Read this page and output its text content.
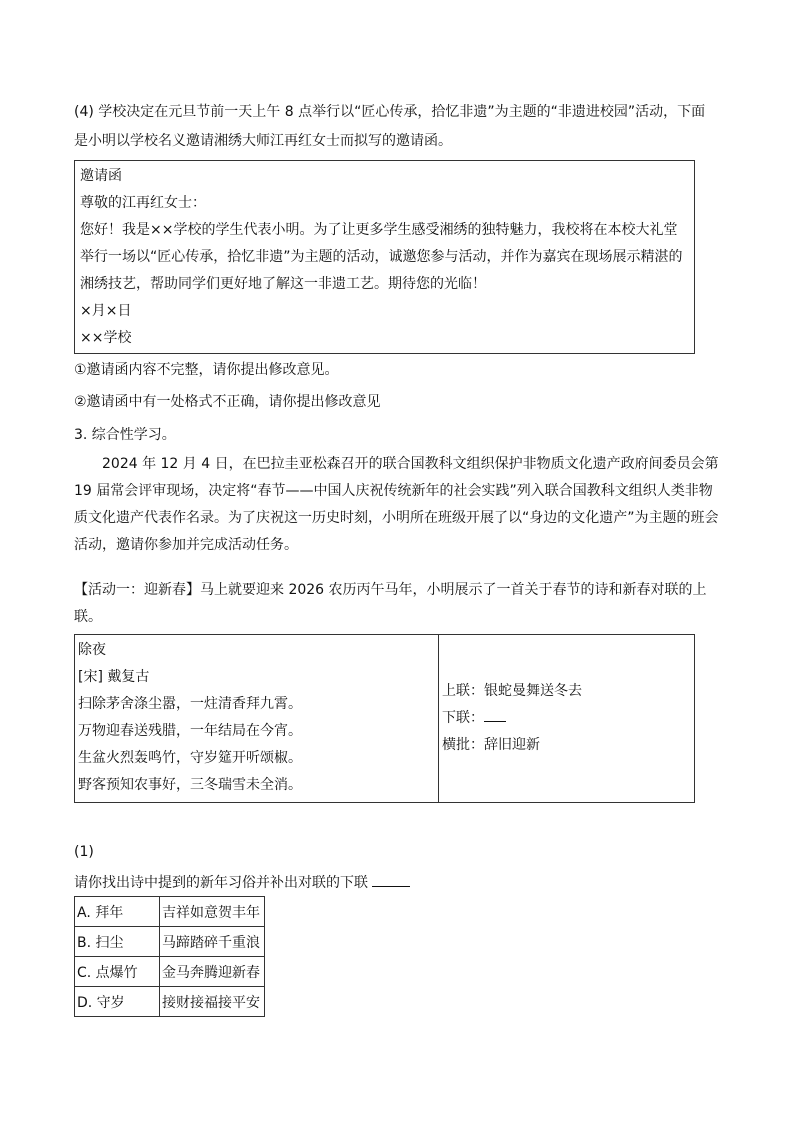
(4) 学校决定在元旦节前一天上午 8 点举行以“匠心传承，拾忆非遗”为主题的“非遗进校园”活动，下面

是小明以学校名义邀请湘绣大师江再红女士而拟写的邀请函。

邀请函

尊敬的江再红女士：

您好！我是××学校的学生代表小明。为了让更多学生感受湘绣的独特魅力，我校将在本校大礼堂举行一场以“匠心传承，拾忆非遗”为主题的活动，诚邀您参与活动，并作为嘉宾在现场展示精湛的湘绣技艺，帮助同学们更好地了解这一非遗工艺。期待您的光临！

×月×日

××学校

①邀请函内容不完整，请你提出修改意见。

②邀请函中有一处格式不正确，请你提出修改意见

3. 综合性学习。

2024 年 12 月 4 日，在巴拉圭亚松森召开的联合国教科文组织保护非物质文化遗产政府间委员会第 19 届常会评审现场，决定将“春节——中国人庆祝传统新年的社会实践”列入联合国教科文组织人类非物质文化遗产代表作名录。为了庆祝这一历史时刻，小明所在班级开展了以“身边的文化遗产”为主题的班会活动，邀请你参加并完成活动任务。

【活动一：迎新春】马上就要迎来 2026 农历丙午马年，小明展示了一首关于春节的诗和新春对联的上联。

除夜

[宋] 戴复古

扫除茅舍涤尘嚣，一炷清香拜九霄。

万物迎春送残腊，一年结局在今宵。

生盆火烈轰鸣竹，守岁筵开听颂椒。

野客预知农事好，三冬瑞雪未全消。

上联：银蛇曼舞送冬去

下联：

横批：辞旧迎新

(1)

请你找出诗中提到的新年习俗并补出对联的下联

A. 拜年	吉祥如意贺丰年
B. 扫尘	马蹄踏碎千重浪
C. 点爆竹	金马奔腾迎新春
D. 守岁	接财接福接平安
